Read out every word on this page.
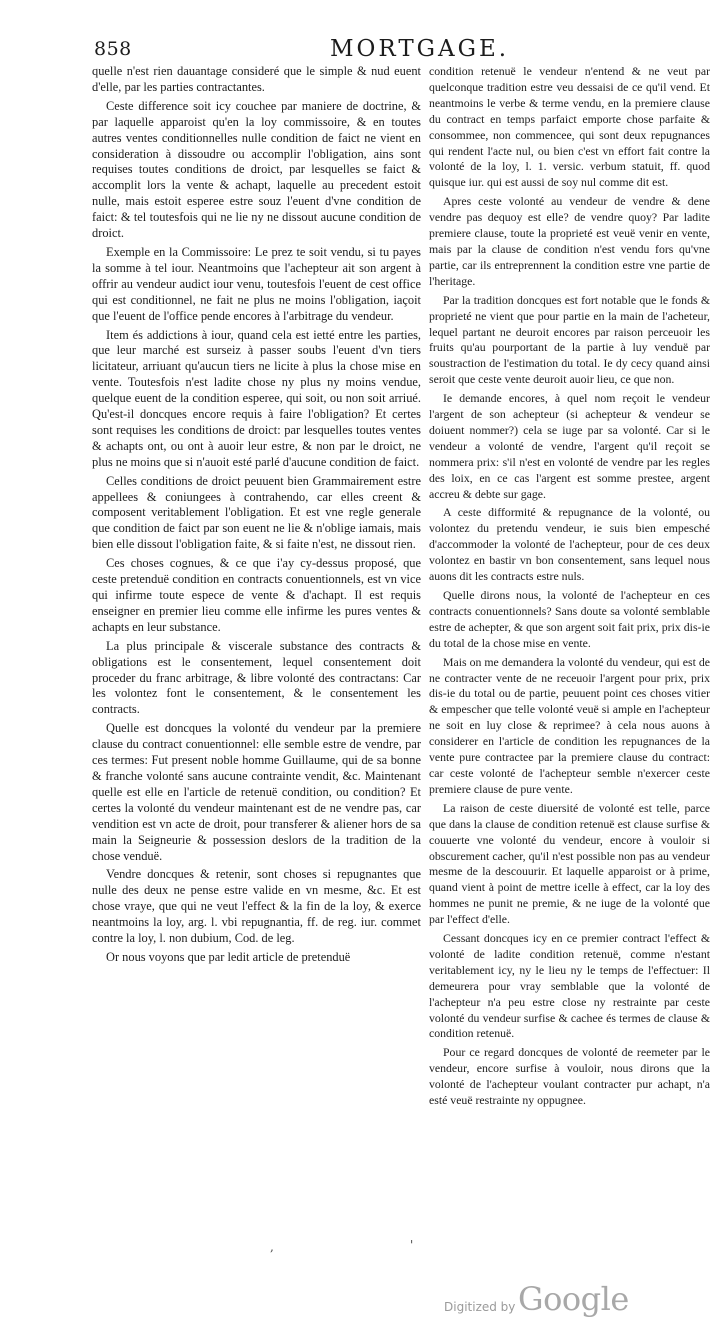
858	MORTGAGE.

quelle n'est rien dauantage consideré que le simple & nud euent d'elle, par les parties contractantes.

Ceste difference soit icy couchee par maniere de doctrine, & par laquelle apparoist qu'en la loy commissoire, & en toutes autres ventes conditionnelles nulle condition de faict ne vient en consideration à dissoudre ou accomplir l'obligation, ains sont requises toutes conditions de droict, par lesquelles se faict & accomplit lors la vente & achapt, laquelle au precedent estoit nulle, mais estoit esperee estre souz l'euent d'vne condition de faict: & tel toutesfois qui ne lie ny ne dissout aucune condition de droict.

Exemple en la Commissoire: Le prez te soit vendu, si tu payes la somme à tel iour. Neantmoins que l'achepteur ait son argent à offrir au vendeur audict iour venu, toutesfois l'euent de cest office qui est conditionnel, ne fait ne plus ne moins l'obligation, iaçoit que l'euent de l'office pende encores à l'arbitrage du vendeur.

Item és addictions à iour, quand cela est ietté entre les parties, que leur marché est surseiz à passer soubs l'euent d'vn tiers licitateur, arriuant qu'aucun tiers ne licite à plus la chose mise en vente. Toutesfois n'est ladite chose ny plus ny moins vendue, quelque euent de la condition esperee, qui soit, ou non soit arriué. Qu'est-il doncques encore requis à faire l'obligation? Et certes sont requises les conditions de droict: par lesquelles toutes ventes & achapts ont, ou ont à auoir leur estre, & non par le droict, ne plus ne moins que si n'auoit esté parlé d'aucune condition de faict.

Celles conditions de droict peuuent bien Grammairement estre appellees & coniungees à contrahendo, car elles creent & composent veritablement l'obligation. Et est vne regle generale que condition de faict par son euent ne lie & n'oblige iamais, mais bien elle dissout l'obligation faite, & si faite n'est, ne dissout rien.

Ces choses cognues, & ce que i'ay cy-dessus proposé, que ceste pretenduë condition en contracts conuentionnels, est vn vice qui infirme toute espece de vente & d'achapt. Il est requis enseigner en premier lieu comme elle infirme les pures ventes & achapts en leur substance.

La plus principale & viscerale substance des contracts & obligations est le consentement, lequel consentement doit proceder du franc arbitrage, & libre volonté des contractans: Car les volontez font le consentement, & le consentement les contracts.

Quelle est doncques la volonté du vendeur par la premiere clause du contract conuentionnel: elle semble estre de vendre, par ces termes: Fut present noble homme Guillaume, qui de sa bonne & franche volonté sans aucune contrainte vendit, &c. Maintenant quelle est elle en l'article de retenuë condition, ou condition? Et certes la volonté du vendeur maintenant est de ne vendre pas, car vendition est vn acte de droit, pour transferer & aliener hors de sa main la Seigneurie & possession deslors de la tradition de la chose venduë.

Vendre doncques & retenir, sont choses si repugnantes que nulle des deux ne pense estre valide en vn mesme, &c. Et est chose vraye, que qui ne veut l'effect & la fin de la loy, & exerce neantmoins la loy, arg. l. vbi repugnantia, ff. de reg. iur. commet contre la loy, l. non dubium, Cod. de leg.

Or nous voyons que par ledit article de pretenduë

condition retenuë le vendeur n'entend & ne veut par quelconque tradition estre veu dessaisi de ce qu'il vend. Et neantmoins le verbe & terme vendu, en la premiere clause du contract en temps parfaict emporte chose parfaite & consommee, non commencee, qui sont deux repugnances qui rendent l'acte nul, ou bien c'est vn effort fait contre la volonté de la loy, l. 1. versic. verbum statuit, ff. quod quisque iur. qui est aussi de soy nul comme dit est.

Apres ceste volonté au vendeur de vendre & dene vendre pas dequoy est elle? de vendre quoy? Par ladite premiere clause, toute la proprieté est veuë venir en vente, mais par la clause de condition n'est vendu fors qu'vne partie, car ils entreprennent la condition estre vne partie de l'heritage.

Par la tradition doncques est fort notable que le fonds & proprieté ne vient que pour partie en la main de l'acheteur, lequel partant ne deuroit encores par raison perceuoir les fruits qu'au pourportant de la partie à luy venduë par soustraction de l'estimation du total. Ie dy cecy quand ainsi seroit que ceste vente deuroit auoir lieu, ce que non.

Ie demande encores, à quel nom reçoit le vendeur l'argent de son achepteur (si achepteur & vendeur se doiuent nommer?) cela se iuge par sa volonté. Car si le vendeur a volonté de vendre, l'argent qu'il reçoit se nommera prix: s'il n'est en volonté de vendre par les regles des loix, en ce cas l'argent est somme prestee, argent accreu & debte sur gage.

A ceste difformité & repugnance de la volonté, ou volontez du pretendu vendeur, ie suis bien empesché d'accommoder la volonté de l'achepteur, pour de ces deux volontez en bastir vn bon consentement, sans lequel nous auons dit les contracts estre nuls.

Quelle dirons nous, la volonté de l'achepteur en ces contracts conuentionnels? Sans doute sa volonté semblable estre de achepter, & que son argent soit fait prix, prix dis-ie du total de la chose mise en vente.

Mais on me demandera la volonté du vendeur, qui est de ne contracter vente de ne receuoir l'argent pour prix, prix dis-ie du total ou de partie, peuuent point ces choses vitier & empescher que telle volonté veuë si ample en l'achepteur ne soit en luy close & reprimee? à cela nous auons à considerer en l'article de condition les repugnances de la vente pure contractee par la premiere clause du contract: car ceste volonté de l'achepteur semble n'exercer ceste premiere clause de pure vente.

La raison de ceste diuersité de volonté est telle, parce que dans la clause de condition retenuë est clause surfise & couuerte vne volonté du vendeur, encore à vouloir si obscurement cacher, qu'il n'est possible non pas au vendeur mesme de la descouurir. Et laquelle apparoist or à prime, quand vient à point de mettre icelle à effect, car la loy des hommes ne punit ne premie, & ne iuge de la volonté que par l'effect d'elle.

Cessant doncques icy en ce premier contract l'effect & volonté de ladite condition retenuë, comme n'estant veritablement icy, ny le lieu ny le temps de l'effectuer: Il demeurera pour vray semblable que la volonté de l'achepteur n'a peu estre close ny restrainte par ceste volonté du vendeur surfise & cachee és termes de clause & condition retenuë.

Pour ce regard doncques de volonté de reemeter par le vendeur, encore surfise à vouloir, nous dirons que la volonté de l'achepteur voulant contracter pur achapt, n'a esté veuë restrainte ny oppugnee.

,	'
Digitized by Google
